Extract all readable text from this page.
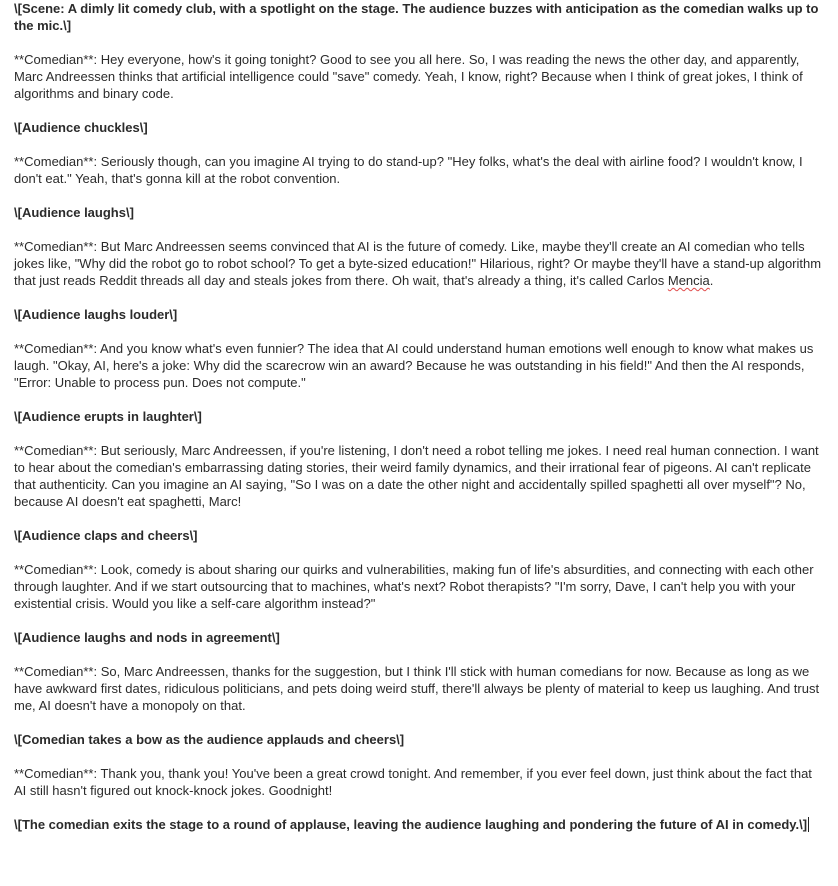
\[Scene: A dimly lit comedy club, with a spotlight on the stage. The audience buzzes with anticipation as the comedian walks up to the mic.\]

**Comedian**: Hey everyone, how's it going tonight? Good to see you all here. So, I was reading the news the other day, and apparently, Marc Andreessen thinks that artificial intelligence could "save" comedy. Yeah, I know, right? Because when I think of great jokes, I think of algorithms and binary code.

\[Audience chuckles\]

**Comedian**: Seriously though, can you imagine AI trying to do stand-up? "Hey folks, what's the deal with airline food? I wouldn't know, I don't eat." Yeah, that's gonna kill at the robot convention.

\[Audience laughs\]

**Comedian**: But Marc Andreessen seems convinced that AI is the future of comedy. Like, maybe they'll create an AI comedian who tells jokes like, "Why did the robot go to robot school? To get a byte-sized education!" Hilarious, right? Or maybe they'll have a stand-up algorithm that just reads Reddit threads all day and steals jokes from there. Oh wait, that's already a thing, it's called Carlos Mencia.

\[Audience laughs louder\]

**Comedian**: And you know what's even funnier? The idea that AI could understand human emotions well enough to know what makes us laugh. "Okay, AI, here's a joke: Why did the scarecrow win an award? Because he was outstanding in his field!" And then the AI responds, "Error: Unable to process pun. Does not compute."

\[Audience erupts in laughter\]

**Comedian**: But seriously, Marc Andreessen, if you're listening, I don't need a robot telling me jokes. I need real human connection. I want to hear about the comedian's embarrassing dating stories, their weird family dynamics, and their irrational fear of pigeons. AI can't replicate that authenticity. Can you imagine an AI saying, "So I was on a date the other night and accidentally spilled spaghetti all over myself"? No, because AI doesn't eat spaghetti, Marc!

\[Audience claps and cheers\]

**Comedian**: Look, comedy is about sharing our quirks and vulnerabilities, making fun of life's absurdities, and connecting with each other through laughter. And if we start outsourcing that to machines, what's next? Robot therapists? "I'm sorry, Dave, I can't help you with your existential crisis. Would you like a self-care algorithm instead?"

\[Audience laughs and nods in agreement\]

**Comedian**: So, Marc Andreessen, thanks for the suggestion, but I think I'll stick with human comedians for now. Because as long as we have awkward first dates, ridiculous politicians, and pets doing weird stuff, there'll always be plenty of material to keep us laughing. And trust me, AI doesn't have a monopoly on that.

\[Comedian takes a bow as the audience applauds and cheers\]

**Comedian**: Thank you, thank you! You've been a great crowd tonight. And remember, if you ever feel down, just think about the fact that AI still hasn't figured out knock-knock jokes. Goodnight!

\[The comedian exits the stage to a round of applause, leaving the audience laughing and pondering the future of AI in comedy.\]
